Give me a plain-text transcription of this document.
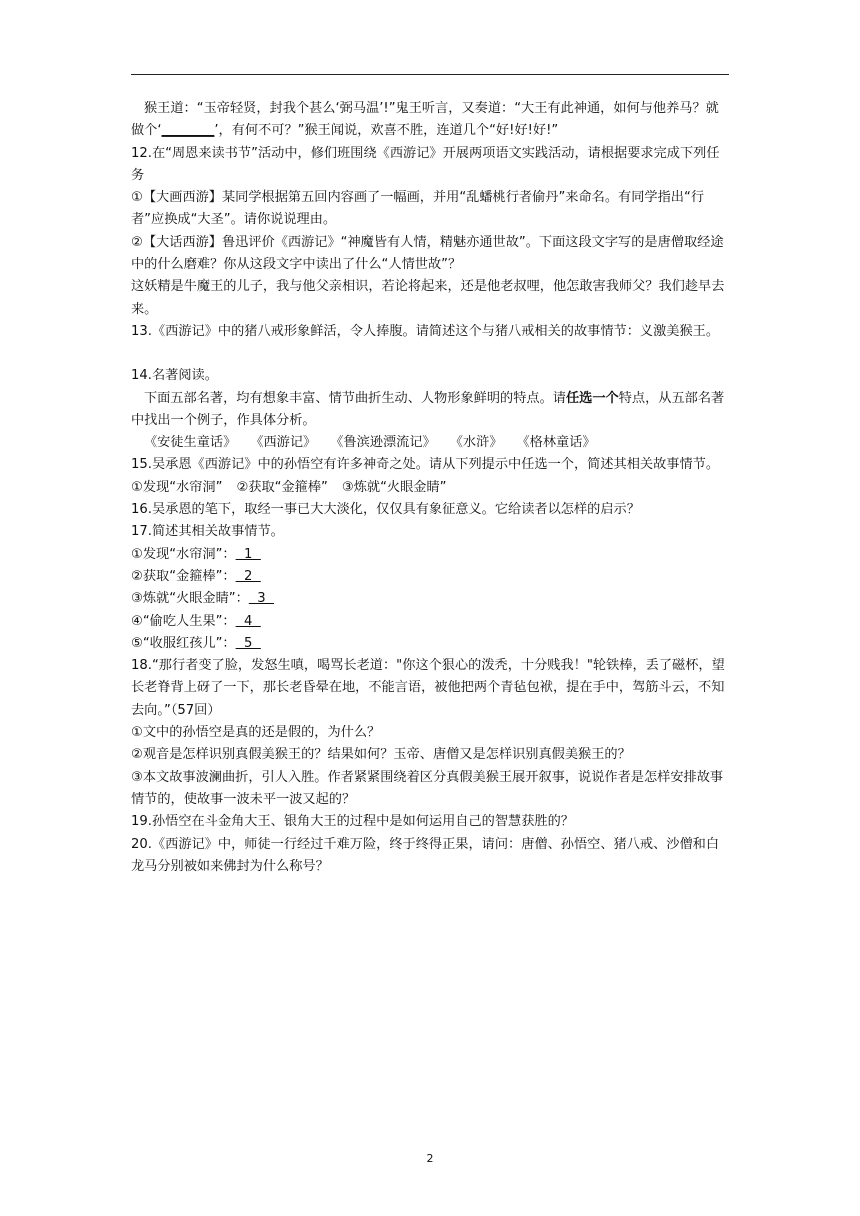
猴王道：“玉帝轻贤，封我个甚么‘弼马温’!”鬼王听言，又奏道：“大王有此神通，如何与他养马？就做个‘________’，有何不可？”猴王闻说，欢喜不胜，连道几个“好!好!好!”

12.在“周恩来读书节”活动中，修们班围绕《西游记》开展两项语文实践活动，请根据要求完成下列任务

①【大画西游】某同学根据第五回内容画了一幅画，并用“乱蟠桃行者偷丹”来命名。有同学指出“行者”应换成“大圣”。请你说说理由。

②【大话西游】鲁迅评价《西游记》“神魔皆有人情，精魅亦通世故”。下面这段文字写的是唐僧取经途中的什么磨难？你从这段文字中读出了什么“人情世故”？

这妖精是牛魔王的儿子，我与他父亲相识，若论将起来，还是他老叔哩，他怎敢害我师父？我们趁早去来。

13.《西游记》中的猪八戒形象鲜活，令人捧腹。请简述这个与猪八戒相关的故事情节：义激美猴王。

14.名著阅读。

下面五部名著，均有想象丰富、情节曲折生动、人物形象鲜明的特点。请任选一个特点，从五部名著中找出一个例子，作具体分析。

《安徒生童话》 《西游记》 《鲁滨逊漂流记》 《水浒》 《格林童话》

15.吴承恩《西游记》中的孙悟空有许多神奇之处。请从下列提示中任选一个，简述其相关故事情节。

①发现“水帘洞” ②获取“金箍棒” ③炼就“火眼金睛”

16.吴承恩的笔下，取经一事已大大淡化，仅仅具有象征意义。它给读者以怎样的启示？

17.简述其相关故事情节。

①发现“水帘洞”：  1

②获取“金箍棒”：  2

③炼就“火眼金睛”：  3

④“偷吃人生果”：  4

⑤“收服红孩儿”：  5

18.“那行者变了脸，发怒生嗔，喝骂长老道："你这个狠心的泼秃，十分贱我！"轮铁棒，丢了磁杯，望长老脊背上砑了一下，那长老昏晕在地，不能言语，被他把两个青毡包袱，提在手中，驾筋斗云，不知去向。”（57回）

①文中的孙悟空是真的还是假的，为什么？

②观音是怎样识别真假美猴王的？结果如何？玉帝、唐僧又是怎样识别真假美猴王的？

③本文故事波澜曲折，引人入胜。作者紧紧围绕着区分真假美猴王展开叙事，说说作者是怎样安排故事情节的，使故事一波未平一波又起的？

19.孙悟空在斗金角大王、银角大王的过程中是如何运用自己的智慧获胜的？

20.《西游记》中，师徒一行经过千难万险，终于终得正果，请问：唐僧、孙悟空、猪八戒、沙僧和白龙马分别被如来佛封为什么称号？

2
